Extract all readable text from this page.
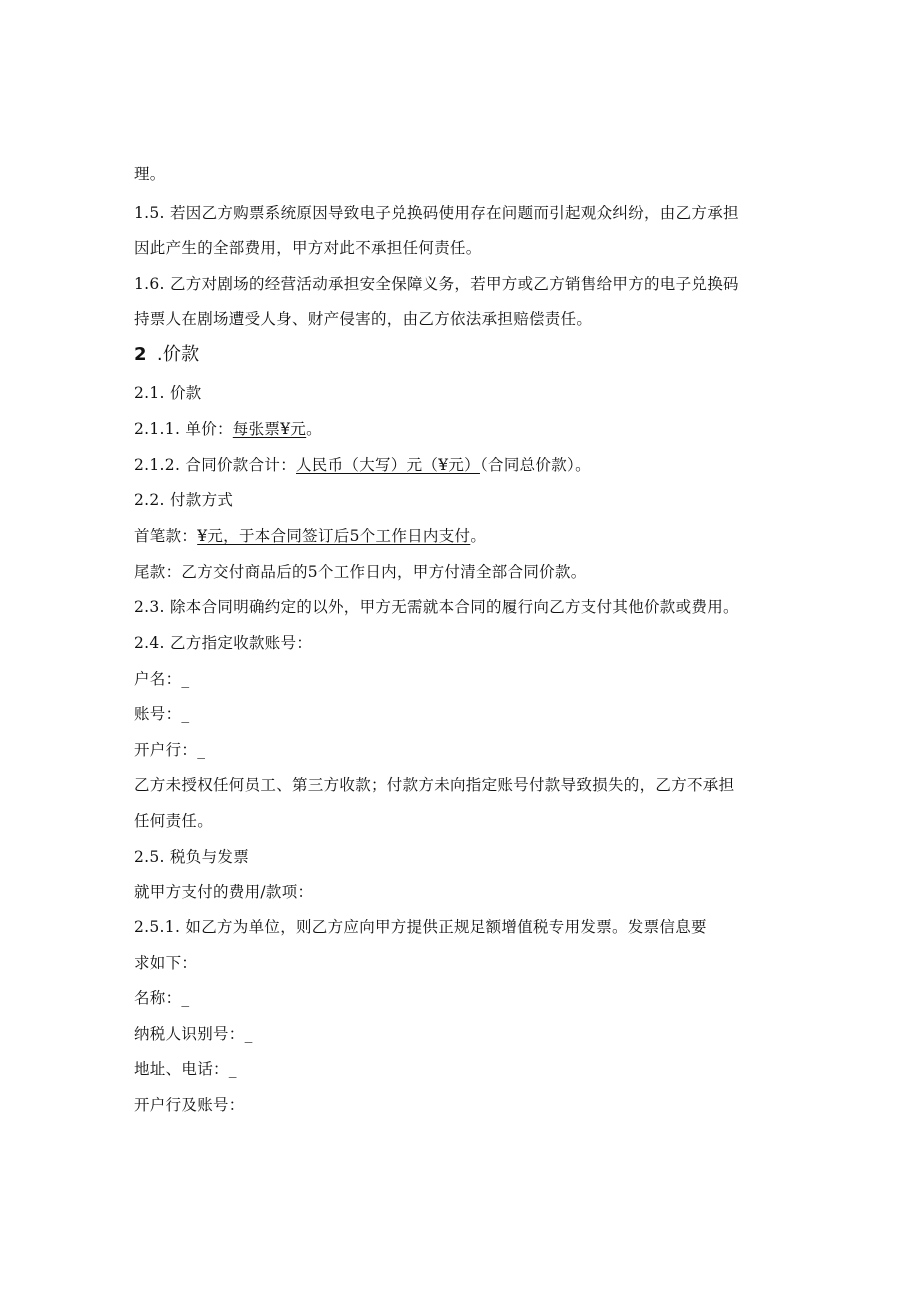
理。
1.5. 若因乙方购票系统原因导致电子兑换码使用存在问题而引起观众纠纷，由乙方承担
因此产生的全部费用，甲方对此不承担任何责任。
1.6. 乙方对剧场的经营活动承担安全保障义务，若甲方或乙方销售给甲方的电子兑换码
持票人在剧场遭受人身、财产侵害的，由乙方依法承担赔偿责任。
2 .价款
2.1. 价款
2.1.1. 单价：每张票¥元。
2.1.2. 合同价款合计：人民币（大写）元（¥元）（合同总价款）。
2.2. 付款方式
首笔款：¥元，于本合同签订后5个工作日内支付。
尾款：乙方交付商品后的5个工作日内，甲方付清全部合同价款。
2.3. 除本合同明确约定的以外，甲方无需就本合同的履行向乙方支付其他价款或费用。
2.4. 乙方指定收款账号：
户名：_
账号：_
开户行：_
乙方未授权任何员工、第三方收款；付款方未向指定账号付款导致损失的，乙方不承担
任何责任。
2.5. 税负与发票
就甲方支付的费用/款项：
2.5.1. 如乙方为单位，则乙方应向甲方提供正规足额增值税专用发票。发票信息要
求如下：
名称：_
纳税人识别号：_
地址、电话：_
开户行及账号：
